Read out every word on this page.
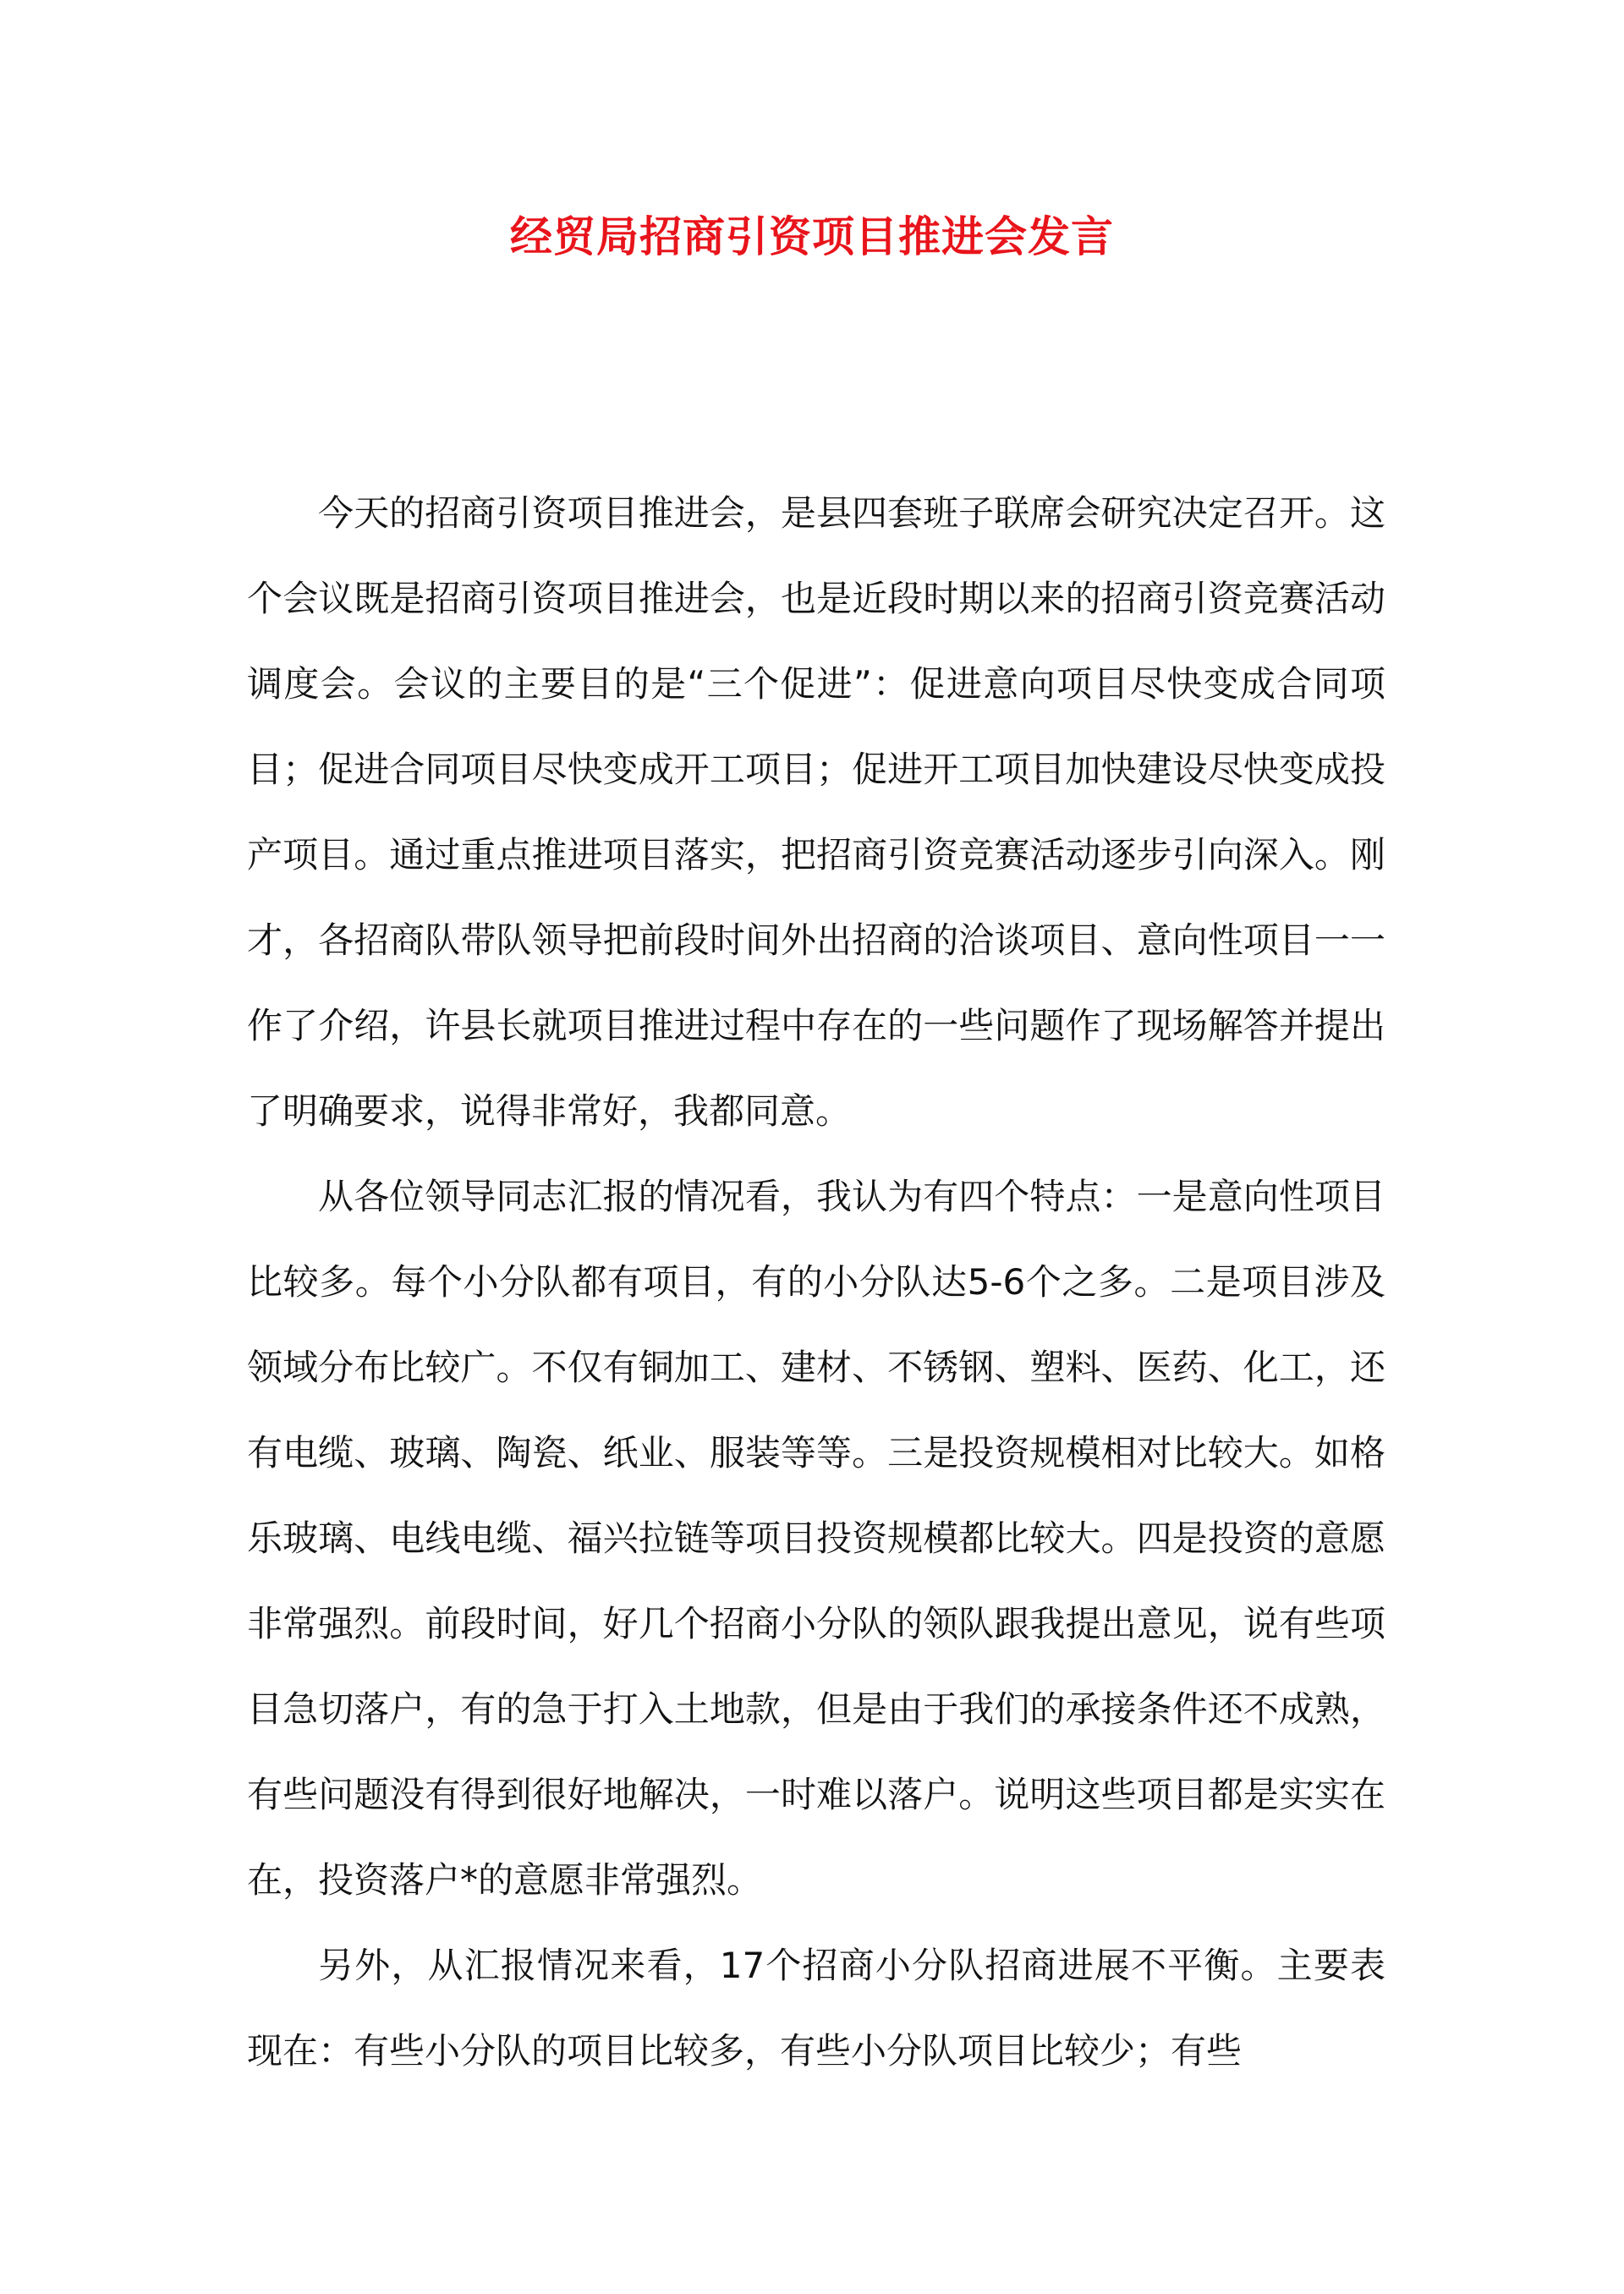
经贸局招商引资项目推进会发言

今天的招商引资项目推进会，是县四套班子联席会研究决定召开。这个会议既是招商引资项目推进会，也是近段时期以来的招商引资竞赛活动调度会。会议的主要目的是“三个促进”：促进意向项目尽快变成合同项目；促进合同项目尽快变成开工项目；促进开工项目加快建设尽快变成投产项目。通过重点推进项目落实，把招商引资竞赛活动逐步引向深入。刚才，各招商队带队领导把前段时间外出招商的洽谈项目、意向性项目一一作了介绍，许县长就项目推进过程中存在的一些问题作了现场解答并提出了明确要求，说得非常好，我都同意。

从各位领导同志汇报的情况看，我认为有四个特点：一是意向性项目比较多。每个小分队都有项目，有的小分队达5-6个之多。二是项目涉及领域分布比较广。不仅有铜加工、建材、不锈钢、塑料、医药、化工，还有电缆、玻璃、陶瓷、纸业、服装等等。三是投资规模相对比较大。如格乐玻璃、电线电缆、福兴拉链等项目投资规模都比较大。四是投资的意愿非常强烈。前段时间，好几个招商小分队的领队跟我提出意见，说有些项目急切落户，有的急于打入土地款，但是由于我们的承接条件还不成熟，有些问题没有得到很好地解决，一时难以落户。说明这些项目都是实实在在，投资落户*的意愿非常强烈。

另外，从汇报情况来看，17个招商小分队招商进展不平衡。主要表现在：有些小分队的项目比较多，有些小分队项目比较少；有些
